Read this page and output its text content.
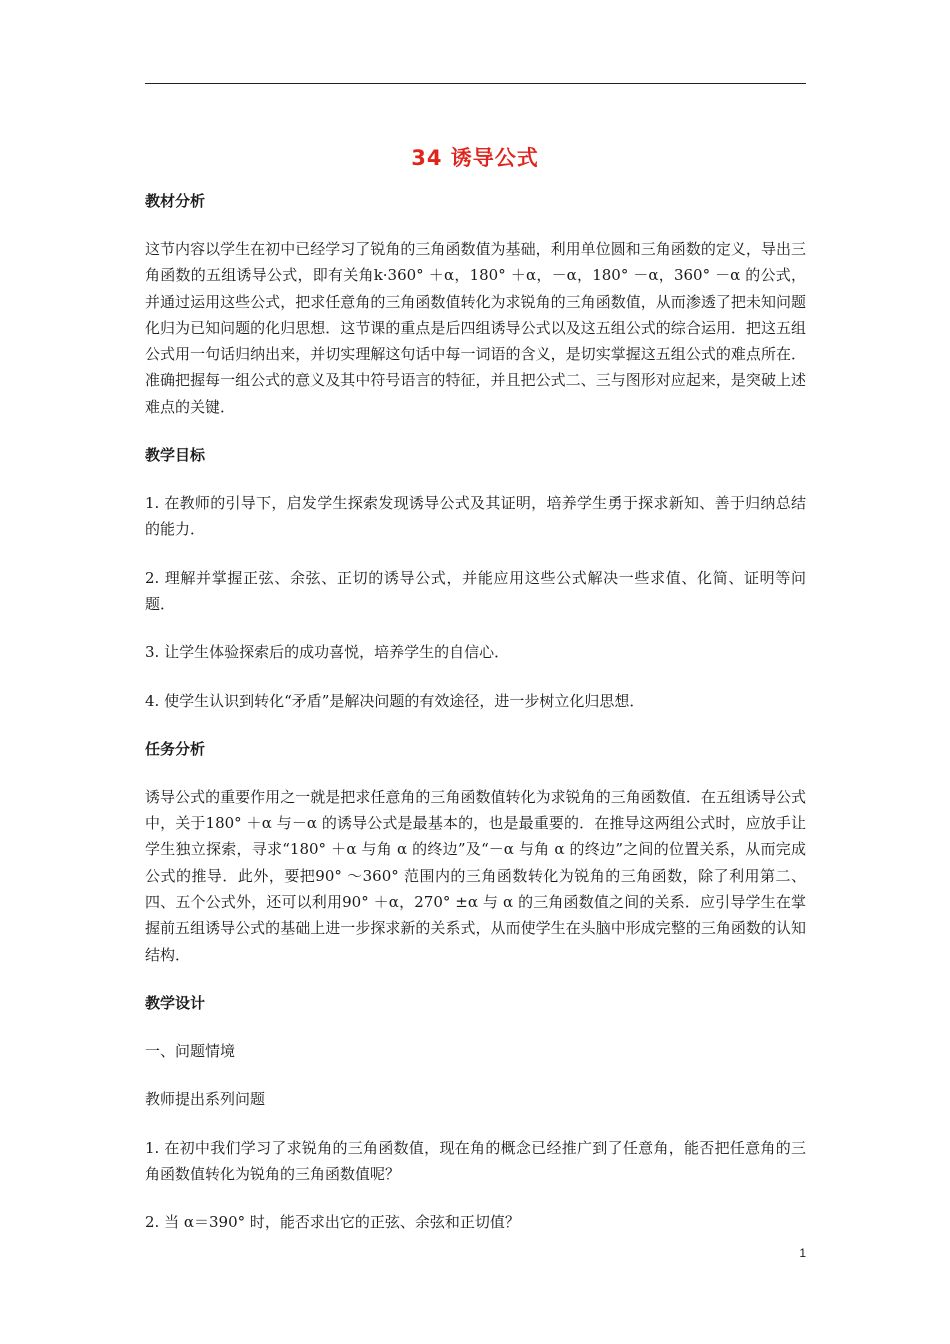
34 诱导公式
教材分析
这节内容以学生在初中已经学习了锐角的三角函数值为基础，利用单位圆和三角函数的定义，导出三角函数的五组诱导公式，即有关角k·360° ＋α，180° ＋α，－α，180° －α，360° －α 的公式，并通过运用这些公式，把求任意角的三角函数值转化为求锐角的三角函数值，从而渗透了把未知问题化归为已知问题的化归思想．这节课的重点是后四组诱导公式以及这五组公式的综合运用．把这五组公式用一句话归纳出来，并切实理解这句话中每一词语的含义，是切实掌握这五组公式的难点所在．准确把握每一组公式的意义及其中符号语言的特征，并且把公式二、三与图形对应起来，是突破上述难点的关键．
教学目标
1. 在教师的引导下，启发学生探索发现诱导公式及其证明，培养学生勇于探求新知、善于归纳总结的能力．
2. 理解并掌握正弦、余弦、正切的诱导公式，并能应用这些公式解决一些求值、化简、证明等问题．
3. 让学生体验探索后的成功喜悦，培养学生的自信心．
4. 使学生认识到转化“矛盾”是解决问题的有效途径，进一步树立化归思想．
任务分析
诱导公式的重要作用之一就是把求任意角的三角函数值转化为求锐角的三角函数值．在五组诱导公式中，关于180° ＋α 与－α 的诱导公式是最基本的，也是最重要的．在推导这两组公式时，应放手让学生独立探索，寻求“180° ＋α 与角 α 的终边”及“－α 与角 α 的终边”之间的位置关系，从而完成公式的推导．此外，要把90° ～360° 范围内的三角函数转化为锐角的三角函数，除了利用第二、四、五个公式外，还可以利用90° ＋α，270° ±α 与 α 的三角函数值之间的关系．应引导学生在掌握前五组诱导公式的基础上进一步探求新的关系式，从而使学生在头脑中形成完整的三角函数的认知结构．
教学设计
一、问题情境
教师提出系列问题
1. 在初中我们学习了求锐角的三角函数值，现在角的概念已经推广到了任意角，能否把任意角的三角函数值转化为锐角的三角函数值呢？
2. 当 α＝390° 时，能否求出它的正弦、余弦和正切值？
1
